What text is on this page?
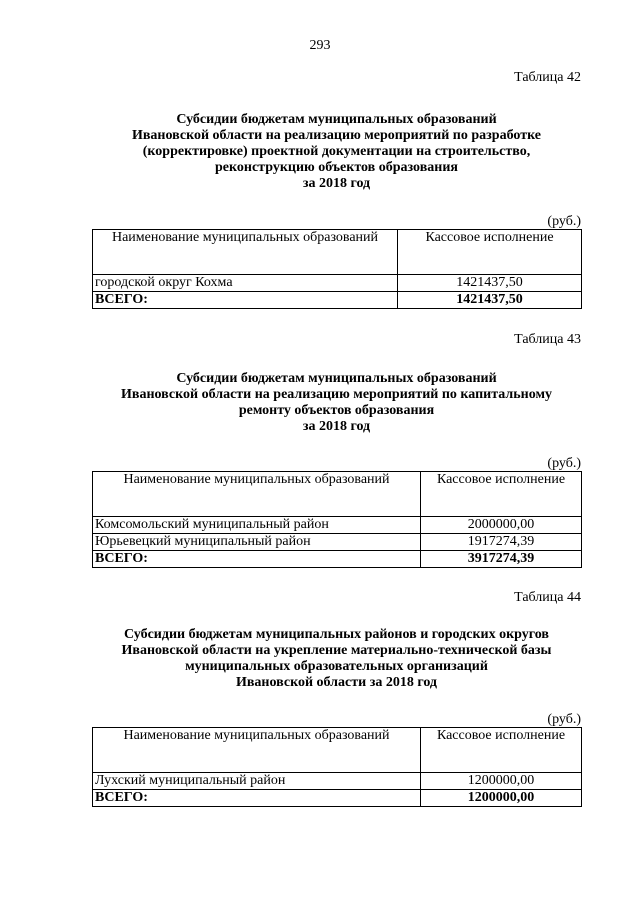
293

Таблица 42

Субсидии бюджетам муниципальных образований
Ивановской области на реализацию мероприятий по разработке
(корректировке) проектной документации на строительство,
реконструкцию объектов образования
за 2018 год

(руб.)

Наименование муниципальных образований	Кассовое исполнение
городской округ Кохма	1421437,50
ВСЕГО:	1421437,50

Таблица 43

Субсидии бюджетам муниципальных образований
Ивановской области на реализацию мероприятий по капитальному
ремонту объектов образования
за 2018 год

(руб.)

Наименование муниципальных образований	Кассовое исполнение
Комсомольский муниципальный район	2000000,00
Юрьевецкий муниципальный район	1917274,39
ВСЕГО:	3917274,39

Таблица 44

Субсидии бюджетам муниципальных районов и городских округов
Ивановской области на укрепление материально-технической базы
муниципальных образовательных организаций
Ивановской области за 2018 год

(руб.)

Наименование муниципальных образований	Кассовое исполнение
Лухский муниципальный район	1200000,00
ВСЕГО:	1200000,00
